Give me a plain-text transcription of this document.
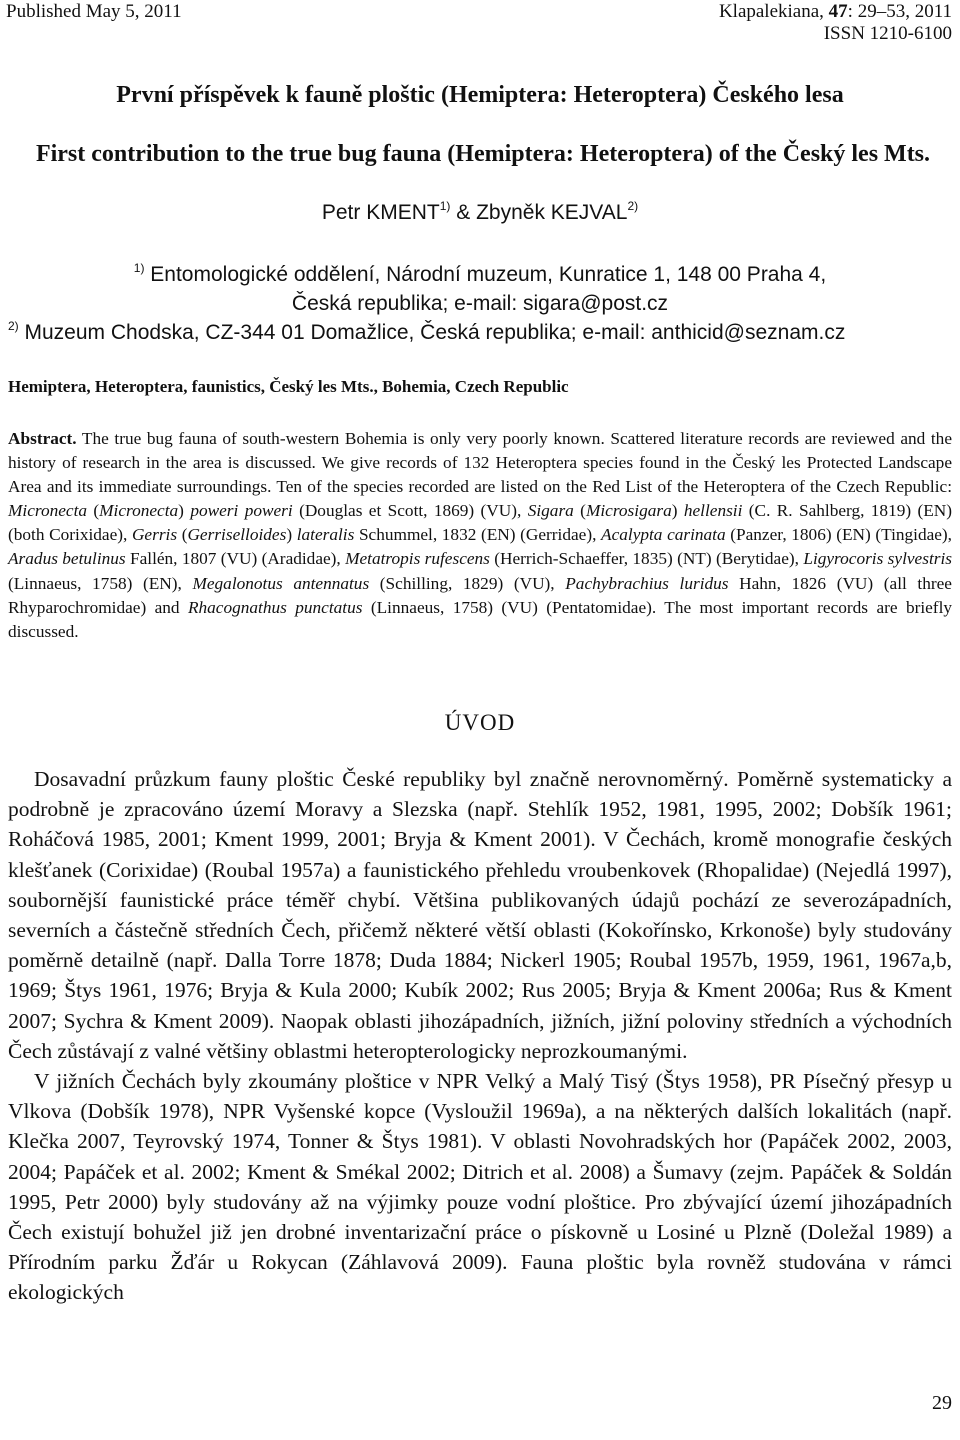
Published May 5, 2011	Klapalekiana, 47: 29–53, 2011
ISSN 1210-6100
První příspěvek k fauně ploštic (Hemiptera: Heteroptera) Českého lesa
First contribution to the true bug fauna (Hemiptera: Heteroptera) of the Český les Mts.
Petr KMENT$^{1)}$ & Zbyněk KEJVAL$^{2)}$
$^{1)}$ Entomologické oddělení, Národní muzeum, Kunratice 1, 148 00 Praha 4,
Česká republika; e-mail: sigara@post.cz
$^{2)}$ Muzeum Chodska, CZ-344 01 Domažlice, Česká republika; e-mail: anthicid@seznam.cz
Hemiptera, Heteroptera, faunistics, Český les Mts., Bohemia, Czech Republic
Abstract. The true bug fauna of south-western Bohemia is only very poorly known. Scattered literature records are reviewed and the history of research in the area is discussed. We give records of 132 Heteroptera species found in the Český les Protected Landscape Area and its immediate surroundings. Ten of the species recorded are listed on the Red List of the Heteroptera of the Czech Republic: Micronecta (Micronecta) poweri poweri (Douglas et Scott, 1869) (VU), Sigara (Microsigara) hellensii (C. R. Sahlberg, 1819) (EN) (both Corixidae), Gerris (Gerriselloides) lateralis Schummel, 1832 (EN) (Gerridae), Acalypta carinata (Panzer, 1806) (EN) (Tingidae), Aradus betulinus Fallén, 1807 (VU) (Aradidae), Metatropis rufescens (Herrich-Schaeffer, 1835) (NT) (Berytidae), Ligyrocoris sylvestris (Linnaeus, 1758) (EN), Megalonotus antennatus (Schilling, 1829) (VU), Pachybrachius luridus Hahn, 1826 (VU) (all three Rhyparochromidae) and Rhacognathus punctatus (Linnaeus, 1758) (VU) (Pentatomidae). The most important records are briefly discussed.
ÚVOD

Dosavadní průzkum fauny ploštic České republiky byl značně nerovnoměrný. Poměrně systematicky a podrobně je zpracováno území Moravy a Slezska (např. Stehlík 1952, 1981, 1995, 2002; Dobšík 1961; Roháčová 1985, 2001; Kment 1999, 2001; Bryja & Kment 2001). V Čechách, kromě monografie českých klešťanek (Corixidae) (Roubal 1957a) a faunistického přehledu vroubenkovek (Rhopalidae) (Nejedlá 1997), soubornější faunistické práce téměř chybí. Většina publikovaných údajů pochází ze severozápadních, severních a částečně středních Čech, přičemž některé větší oblasti (Kokořínsko, Krkonoše) byly studovány poměrně detailně (např. Dalla Torre 1878; Duda 1884; Nickerl 1905; Roubal 1957b, 1959, 1961, 1967a,b, 1969; Štys 1961, 1976; Bryja & Kula 2000; Kubík 2002; Rus 2005; Bryja & Kment 2006a; Rus & Kment 2007; Sychra & Kment 2009). Naopak oblasti jihozápadních, jižních, jižní poloviny středních a východních Čech zůstávají z valné většiny oblastmi heteropterologicky neprozkoumanými.

V jižních Čechách byly zkoumány ploštice v NPR Velký a Malý Tisý (Štys 1958), PR Písečný přesyp u Vlkova (Dobšík 1978), NPR Vyšenské kopce (Vysloužil 1969a), a na některých dalších lokalitách (např. Klečka 2007, Teyrovský 1974, Tonner & Štys 1981). V oblasti Novohradských hor (Papáček 2002, 2003, 2004; Papáček et al. 2002; Kment & Smékal 2002; Ditrich et al. 2008) a Šumavy (zejm. Papáček & Soldán 1995, Petr 2000) byly studovány až na výjimky pouze vodní ploštice. Pro zbývající území jihozápadních Čech existují bohužel již jen drobné inventarizační práce o pískovně u Losiné u Plzně (Doležal 1989) a Přírodním parku Žďár u Rokycan (Záhlavová 2009). Fauna ploštic byla rovněž studována v rámci ekologických

29
